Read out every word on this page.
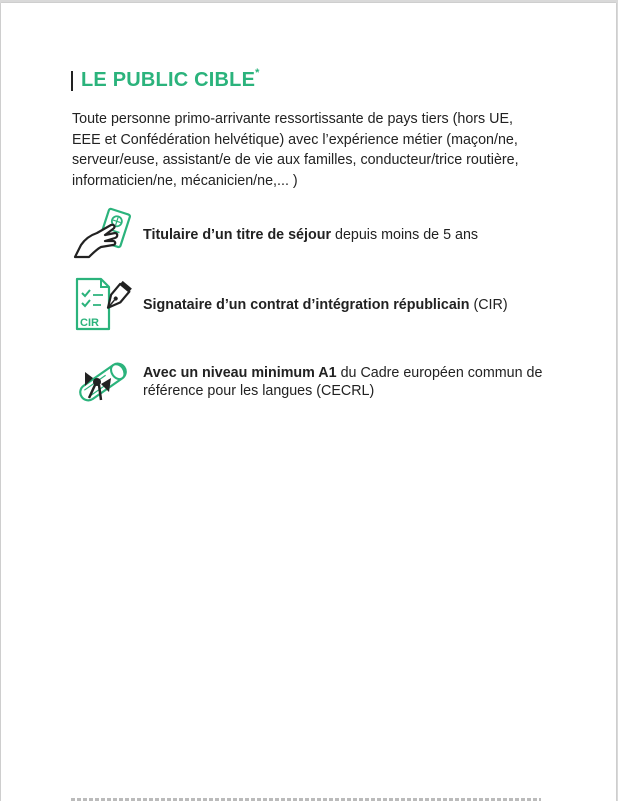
LE PUBLIC CIBLE*

Toute personne primo-arrivante ressortissante de pays tiers (hors UE, EEE et Confédération helvétique) avec l’expérience métier (maçon/ne, serveur/euse, assistant/e de vie aux familles, conducteur/trice routière, informaticien/ne, mécanicien/ne,... )

Titulaire d’un titre de séjour depuis moins de 5 ans
CIR
Signataire d’un contrat d’intégration républicain (CIR)
Avec un niveau minimum A1 du Cadre européen commun de référence pour les langues (CECRL)
